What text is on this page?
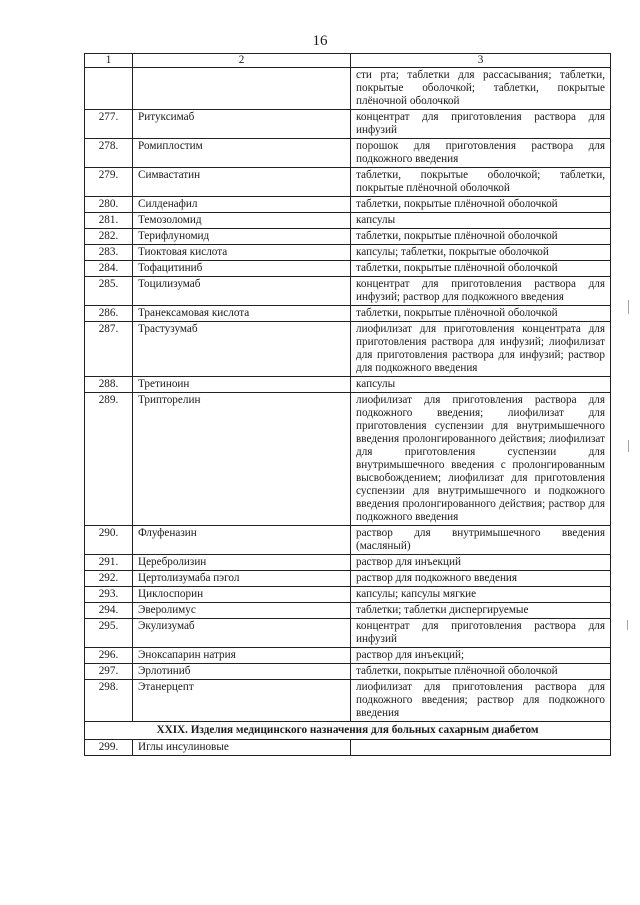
16
1	2	3
		сти рта; таблетки для рассасывания; таблетки, покрытые оболочкой; таблетки, покрытые плёночной оболочкой
277.	Ритуксимаб	концентрат для приготовления раствора для инфузий
278.	Ромиплостим	порошок для приготовления раствора для подкожного введения
279.	Симвастатин	таблетки, покрытые оболочкой; таблетки, покрытые плёночной оболочкой
280.	Силденафил	таблетки, покрытые плёночной оболочкой
281.	Темозоломид	капсулы
282.	Терифлуномид	таблетки, покрытые плёночной оболочкой
283.	Тиоктовая кислота	капсулы; таблетки, покрытые оболочкой
284.	Тофацитиниб	таблетки, покрытые плёночной оболочкой
285.	Тоцилизумаб	концентрат для приготовления раствора для инфузий; раствор для подкожного введения
286.	Транексамовая кислота	таблетки, покрытые плёночной оболочкой
287.	Трастузумаб	лиофилизат для приготовления концентрата для приготовления раствора для инфузий; лиофилизат для приготовления раствора для инфузий; раствор для подкожного введения
288.	Третиноин	капсулы
289.	Трипторелин	лиофилизат для приготовления раствора для подкожного введения; лиофилизат для приготовления суспензии для внутримышечного введения пролонгированного действия; лиофилизат для приготовления суспензии для внутримышечного введения с пролонгированным высвобождением; лиофилизат для приготовления суспензии для внутримышечного и подкожного введения пролонгированного действия; раствор для подкожного введения
290.	Флуфеназин	раствор для внутримышечного введения (масляный)
291.	Церебролизин	раствор для инъекций
292.	Цертолизумаба пэгол	раствор для подкожного введения
293.	Циклоспорин	капсулы; капсулы мягкие
294.	Эверолимус	таблетки; таблетки диспергируемые
295.	Экулизумаб	концентрат для приготовления раствора для инфузий
296.	Эноксапарин натрия	раствор для инъекций;
297.	Эрлотиниб	таблетки, покрытые плёночной оболочкой
298.	Этанерцепт	лиофилизат для приготовления раствора для подкожного введения; раствор для подкожного введения
XXIX. Изделия медицинского назначения для больных сахарным диабетом		
299.	Иглы инсулиновые	
